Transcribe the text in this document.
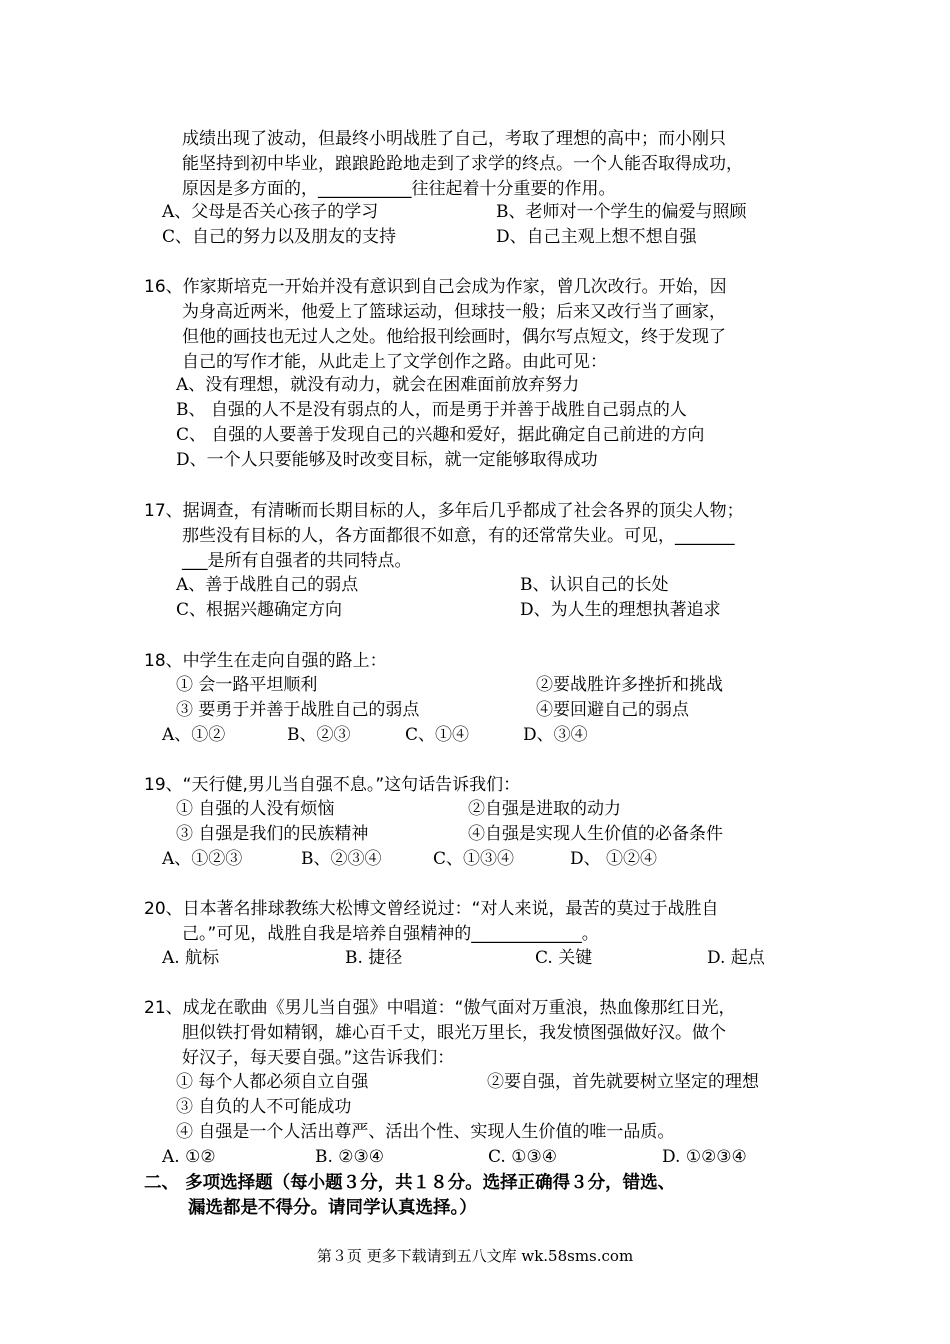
成绩出现了波动，但最终小明战胜了自己，考取了理想的高中；而小刚只
能坚持到初中毕业，踉踉跄跄地走到了求学的终点。一个人能否取得成功，
原因是多方面的，___________往往起着十分重要的作用。
A、父母是否关心孩子的学习	B、老师对一个学生的偏爱与照顾
C、自己的努力以及朋友的支持	D、自己主观上想不想自强
16、作家斯培克一开始并没有意识到自己会成为作家，曾几次改行。开始，因
为身高近两米，他爱上了篮球运动，但球技一般；后来又改行当了画家，
但他的画技也无过人之处。他给报刊绘画时，偶尔写点短文，终于发现了
自己的写作才能，从此走上了文学创作之路。由此可见：
A、没有理想，就没有动力，就会在困难面前放弃努力
B、 自强的人不是没有弱点的人，而是勇于并善于战胜自己弱点的人
C、 自强的人要善于发现自己的兴趣和爱好，据此确定自己前进的方向
D、一个人只要能够及时改变目标，就一定能够取得成功
17、据调查，有清晰而长期目标的人，多年后几乎都成了社会各界的顶尖人物；
那些没有目标的人，各方面都很不如意，有的还常常失业。可见，_______
___是所有自强者的共同特点。
A、善于战胜自己的弱点	B、认识自己的长处
C、根据兴趣确定方向	D、为人生的理想执著追求
18、中学生在走向自强的路上：
① 会一路平坦顺利	②要战胜许多挫折和挑战
③ 要勇于并善于战胜自己的弱点	④要回避自己的弱点
A、①②	B、②③	C、①④	D、③④
19、“天行健,男儿当自强不息。”这句话告诉我们：
① 自强的人没有烦恼	②自强是进取的动力
③ 自强是我们的民族精神	④自强是实现人生价值的必备条件
A、①②③	B、②③④	C、①③④	D、 ①②④
20、日本著名排球教练大松博文曾经说过：“对人来说，最苦的莫过于战胜自
己。”可见，战胜自我是培养自强精神的_____________。
A. 航标	B. 捷径	C. 关键	D. 起点
21、成龙在歌曲《男儿当自强》中唱道：“傲气面对万重浪，热血像那红日光，
胆似铁打骨如精钢，雄心百千丈，眼光万里长，我发愤图强做好汉。做个
好汉子，每天要自强。”这告诉我们：
① 每个人都必须自立自强	②要自强，首先就要树立坚定的理想
③ 自负的人不可能成功
④ 自强是一个人活出尊严、活出个性、实现人生价值的唯一品质。
A. ①②	B. ②③④	C. ①③④	D. ①②③④
二、 多项选择题（每小题３分，共１８分。选择正确得３分，错选、
漏选都是不得分。请同学认真选择。）
第３页 更多下载请到五八文库 wk.58sms.com
